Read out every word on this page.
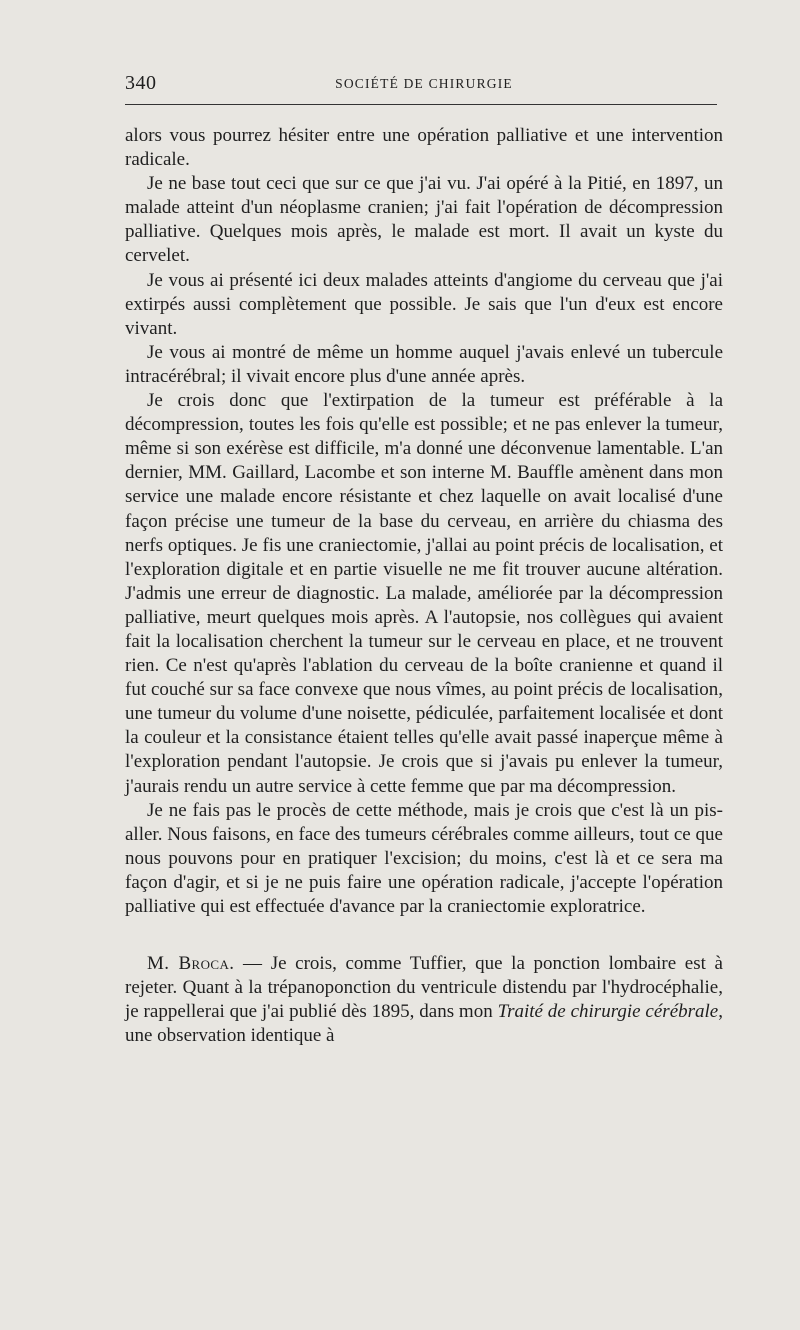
340	SOCIÉTÉ DE CHIRURGIE

alors vous pourrez hésiter entre une opération palliative et une intervention radicale.

Je ne base tout ceci que sur ce que j'ai vu. J'ai opéré à la Pitié, en 1897, un malade atteint d'un néoplasme cranien; j'ai fait l'opération de décompression palliative. Quelques mois après, le malade est mort. Il avait un kyste du cervelet.

Je vous ai présenté ici deux malades atteints d'angiome du cerveau que j'ai extirpés aussi complètement que possible. Je sais que l'un d'eux est encore vivant.

Je vous ai montré de même un homme auquel j'avais enlevé un tubercule intracérébral; il vivait encore plus d'une année après.

Je crois donc que l'extirpation de la tumeur est préférable à la décompression, toutes les fois qu'elle est possible; et ne pas enlever la tumeur, même si son exérèse est difficile, m'a donné une déconvenue lamentable. L'an dernier, MM. Gaillard, Lacombe et son interne M. Bauffle amènent dans mon service une malade encore résistante et chez laquelle on avait localisé d'une façon précise une tumeur de la base du cerveau, en arrière du chiasma des nerfs optiques. Je fis une craniectomie, j'allai au point précis de localisation, et l'exploration digitale et en partie visuelle ne me fit trouver aucune altération. J'admis une erreur de diagnostic. La malade, améliorée par la décompression palliative, meurt quelques mois après. A l'autopsie, nos collègues qui avaient fait la localisation cherchent la tumeur sur le cerveau en place, et ne trouvent rien. Ce n'est qu'après l'ablation du cerveau de la boîte cranienne et quand il fut couché sur sa face convexe que nous vîmes, au point précis de localisation, une tumeur du volume d'une noisette, pédiculée, parfaitement localisée et dont la couleur et la consistance étaient telles qu'elle avait passé inaperçue même à l'exploration pendant l'autopsie. Je crois que si j'avais pu enlever la tumeur, j'aurais rendu un autre service à cette femme que par ma décompression.

Je ne fais pas le procès de cette méthode, mais je crois que c'est là un pis-aller. Nous faisons, en face des tumeurs cérébrales comme ailleurs, tout ce que nous pouvons pour en pratiquer l'excision; du moins, c'est là et ce sera ma façon d'agir, et si je ne puis faire une opération radicale, j'accepte l'opération palliative qui est effectuée d'avance par la craniectomie exploratrice.

M. Broca. — Je crois, comme Tuffier, que la ponction lombaire est à rejeter. Quant à la trépanoponction du ventricule distendu par l'hydrocéphalie, je rappellerai que j'ai publié dès 1895, dans mon Traité de chirurgie cérébrale, une observation identique à
